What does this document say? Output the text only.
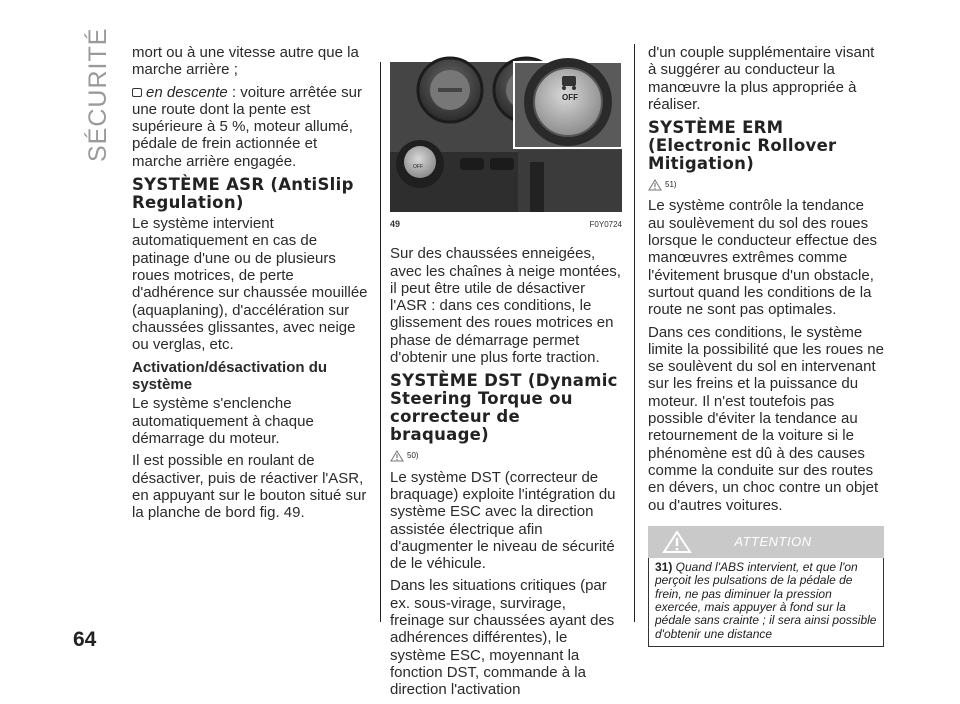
SÉCURITÉ mort ou à une vitesse autre que la marche arrière ;

en descente : voiture arrêtée sur une route dont la pente est supérieure à 5 %, moteur allumé, pédale de frein actionnée et marche arrière engagée.

SYSTÈME ASR (AntiSlip Regulation)

Le système intervient automatiquement en cas de patinage d'une ou de plusieurs roues motrices, de perte d'adhérence sur chaussée mouillée (aquaplaning), d'accélération sur chaussées glissantes, avec neige ou verglas, etc.

Activation/désactivation du système

Le système s'enclenche automatiquement à chaque démarrage du moteur.

Il est possible en roulant de désactiver, puis de réactiver l'ASR, en appuyant sur le bouton situé sur la planche de bord fig. 49.

OFF
OFF
49	F0Y0724

Sur des chaussées enneigées, avec les chaînes à neige montées, il peut être utile de désactiver l'ASR : dans ces conditions, le glissement des roues motrices en phase de démarrage permet d'obtenir une plus forte traction.

SYSTÈME DST (Dynamic Steering Torque ou correcteur de braquage)
50)

Le système DST (correcteur de braquage) exploite l'intégration du système ESC avec la direction assistée électrique afin d'augmenter le niveau de sécurité de le véhicule.

Dans les situations critiques (par ex. sous-virage, survirage, freinage sur chaussées ayant des adhérences différentes), le système ESC, moyennant la fonction DST, commande à la direction l'activation

d'un couple supplémentaire visant à suggérer au conducteur la manœuvre la plus appropriée à réaliser.

SYSTÈME ERM (Electronic Rollover Mitigation)
51)

Le système contrôle la tendance au soulèvement du sol des roues lorsque le conducteur effectue des manœuvres extrêmes comme l'évitement brusque d'un obstacle, surtout quand les conditions de la route ne sont pas optimales.

Dans ces conditions, le système limite la possibilité que les roues ne se soulèvent du sol en intervenant sur les freins et la puissance du moteur. Il n'est toutefois pas possible d'éviter la tendance au retournement de la voiture si le phénomène est dû à des causes comme la conduite sur des routes en dévers, un choc contre un objet ou d'autres voitures.

ATTENTION
31) Quand l'ABS intervient, et que l'on perçoit les pulsations de la pédale de frein, ne pas diminuer la pression exercée, mais appuyer à fond sur la pédale sans crainte ; il sera ainsi possible d'obtenir une distance
64
